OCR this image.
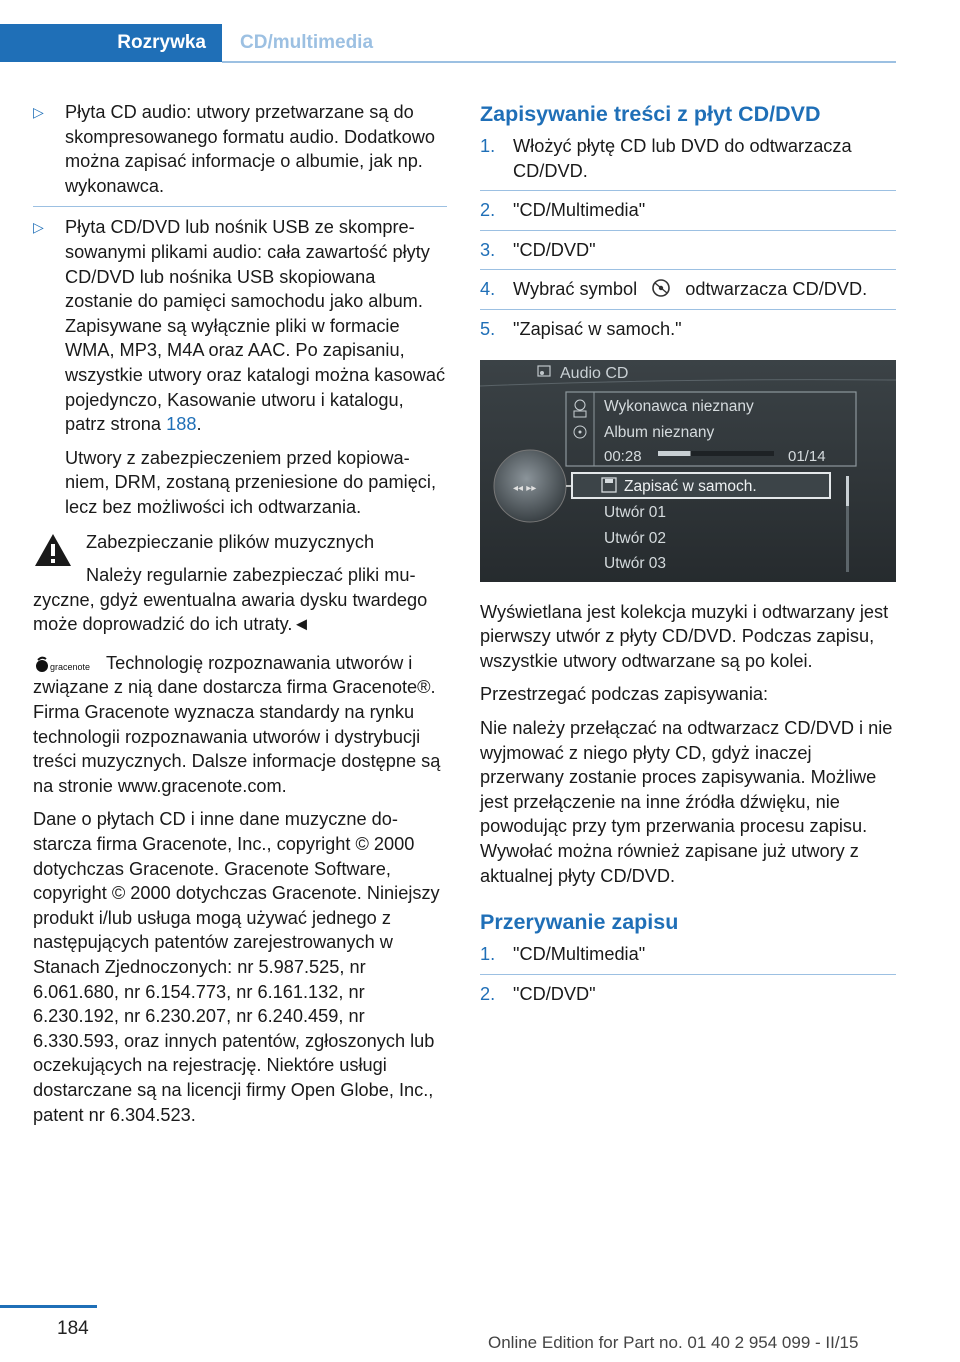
Rozrywka	CD/multimedia
▷ Płyta CD audio: utwory przetwarzane są do skompresowanego formatu audio. Dodatkowo można zapisać informacje o albumie, jak np. wykonawca.
▷ Płyta CD/DVD lub nośnik USB ze skompresowanymi plikami audio: cała zawartość płyty CD/DVD lub nośnika USB skopiowana zostanie do pamięci samochodu jako album. Zapisywane są wyłącznie pliki w formacie WMA, MP3, M4A oraz AAC. Po zapisaniu, wszystkie utwory oraz katalogi można kasować pojedynczo, Kasowanie utworu i katalogu, patrz strona 188.

Utwory z zabezpieczeniem przed kopiowaniem, DRM, zostaną przeniesione do pamięci, lecz bez możliwości ich odtwarzania.

Zabezpieczanie plików muzycznych

Należy regularnie zabezpieczać pliki muzyczne, gdyż ewentualna awaria dysku twardego może doprowadzić do ich utraty.◄

gracenote Technologię rozpoznawania utworów i związane z nią dane dostarcza firma Gracenote®. Firma Gracenote wyznacza standardy na rynku technologii rozpoznawania utworów i dystrybucji treści muzycznych. Dalsze informacje dostępne są na stronie www.gracenote.com.

Dane o płytach CD i inne dane muzyczne dostarcza firma Gracenote, Inc., copyright © 2000 dotychczas Gracenote. Gracenote Software, copyright © 2000 dotychczas Gracenote. Niniejszy produkt i/lub usługa mogą używać jednego z następujących patentów zarejestrowanych w Stanach Zjednoczonych: nr 5.987.525, nr 6.061.680, nr 6.154.773, nr 6.161.132, nr 6.230.192, nr 6.230.207, nr 6.240.459, nr 6.330.593, oraz innych patentów, zgłoszonych lub oczekujących na rejestrację. Niektóre usługi dostarczane są na licencji firmy Open Globe, Inc., patent nr 6.304.523.

Zapisywanie treści z płyt CD/DVD
1. Włożyć płytę CD lub DVD do odtwarzacza CD/DVD.
2. "CD/Multimedia"
3. "CD/DVD"
4. Wybrać symbol	odtwarzacza CD/DVD.
5. "Zapisać w samoch."
Audio CD
Wykonawca nieznany
Album nieznany
00:28	01/14
◂◂ ▸▸	Zapisać w samoch.
Utwór 01
Utwór 02
Utwór 03

Wyświetlana jest kolekcja muzyki i odtwarzany jest pierwszy utwór z płyty CD/DVD. Podczas zapisu, wszystkie utwory odtwarzane są po kolei.

Przestrzegać podczas zapisywania:

Nie należy przełączać na odtwarzacz CD/DVD i nie wyjmować z niego płyty CD, gdyż inaczej przerwany zostanie proces zapisywania. Możliwe jest przełączenie na inne źródła dźwięku, nie powodując przy tym przerwania procesu zapisu. Wywołać można również zapisane już utwory z aktualnej płyty CD/DVD.

Przerywanie zapisu
1. "CD/Multimedia"
2. "CD/DVD"
184
Online Edition for Part no. 01 40 2 954 099 - II/15
